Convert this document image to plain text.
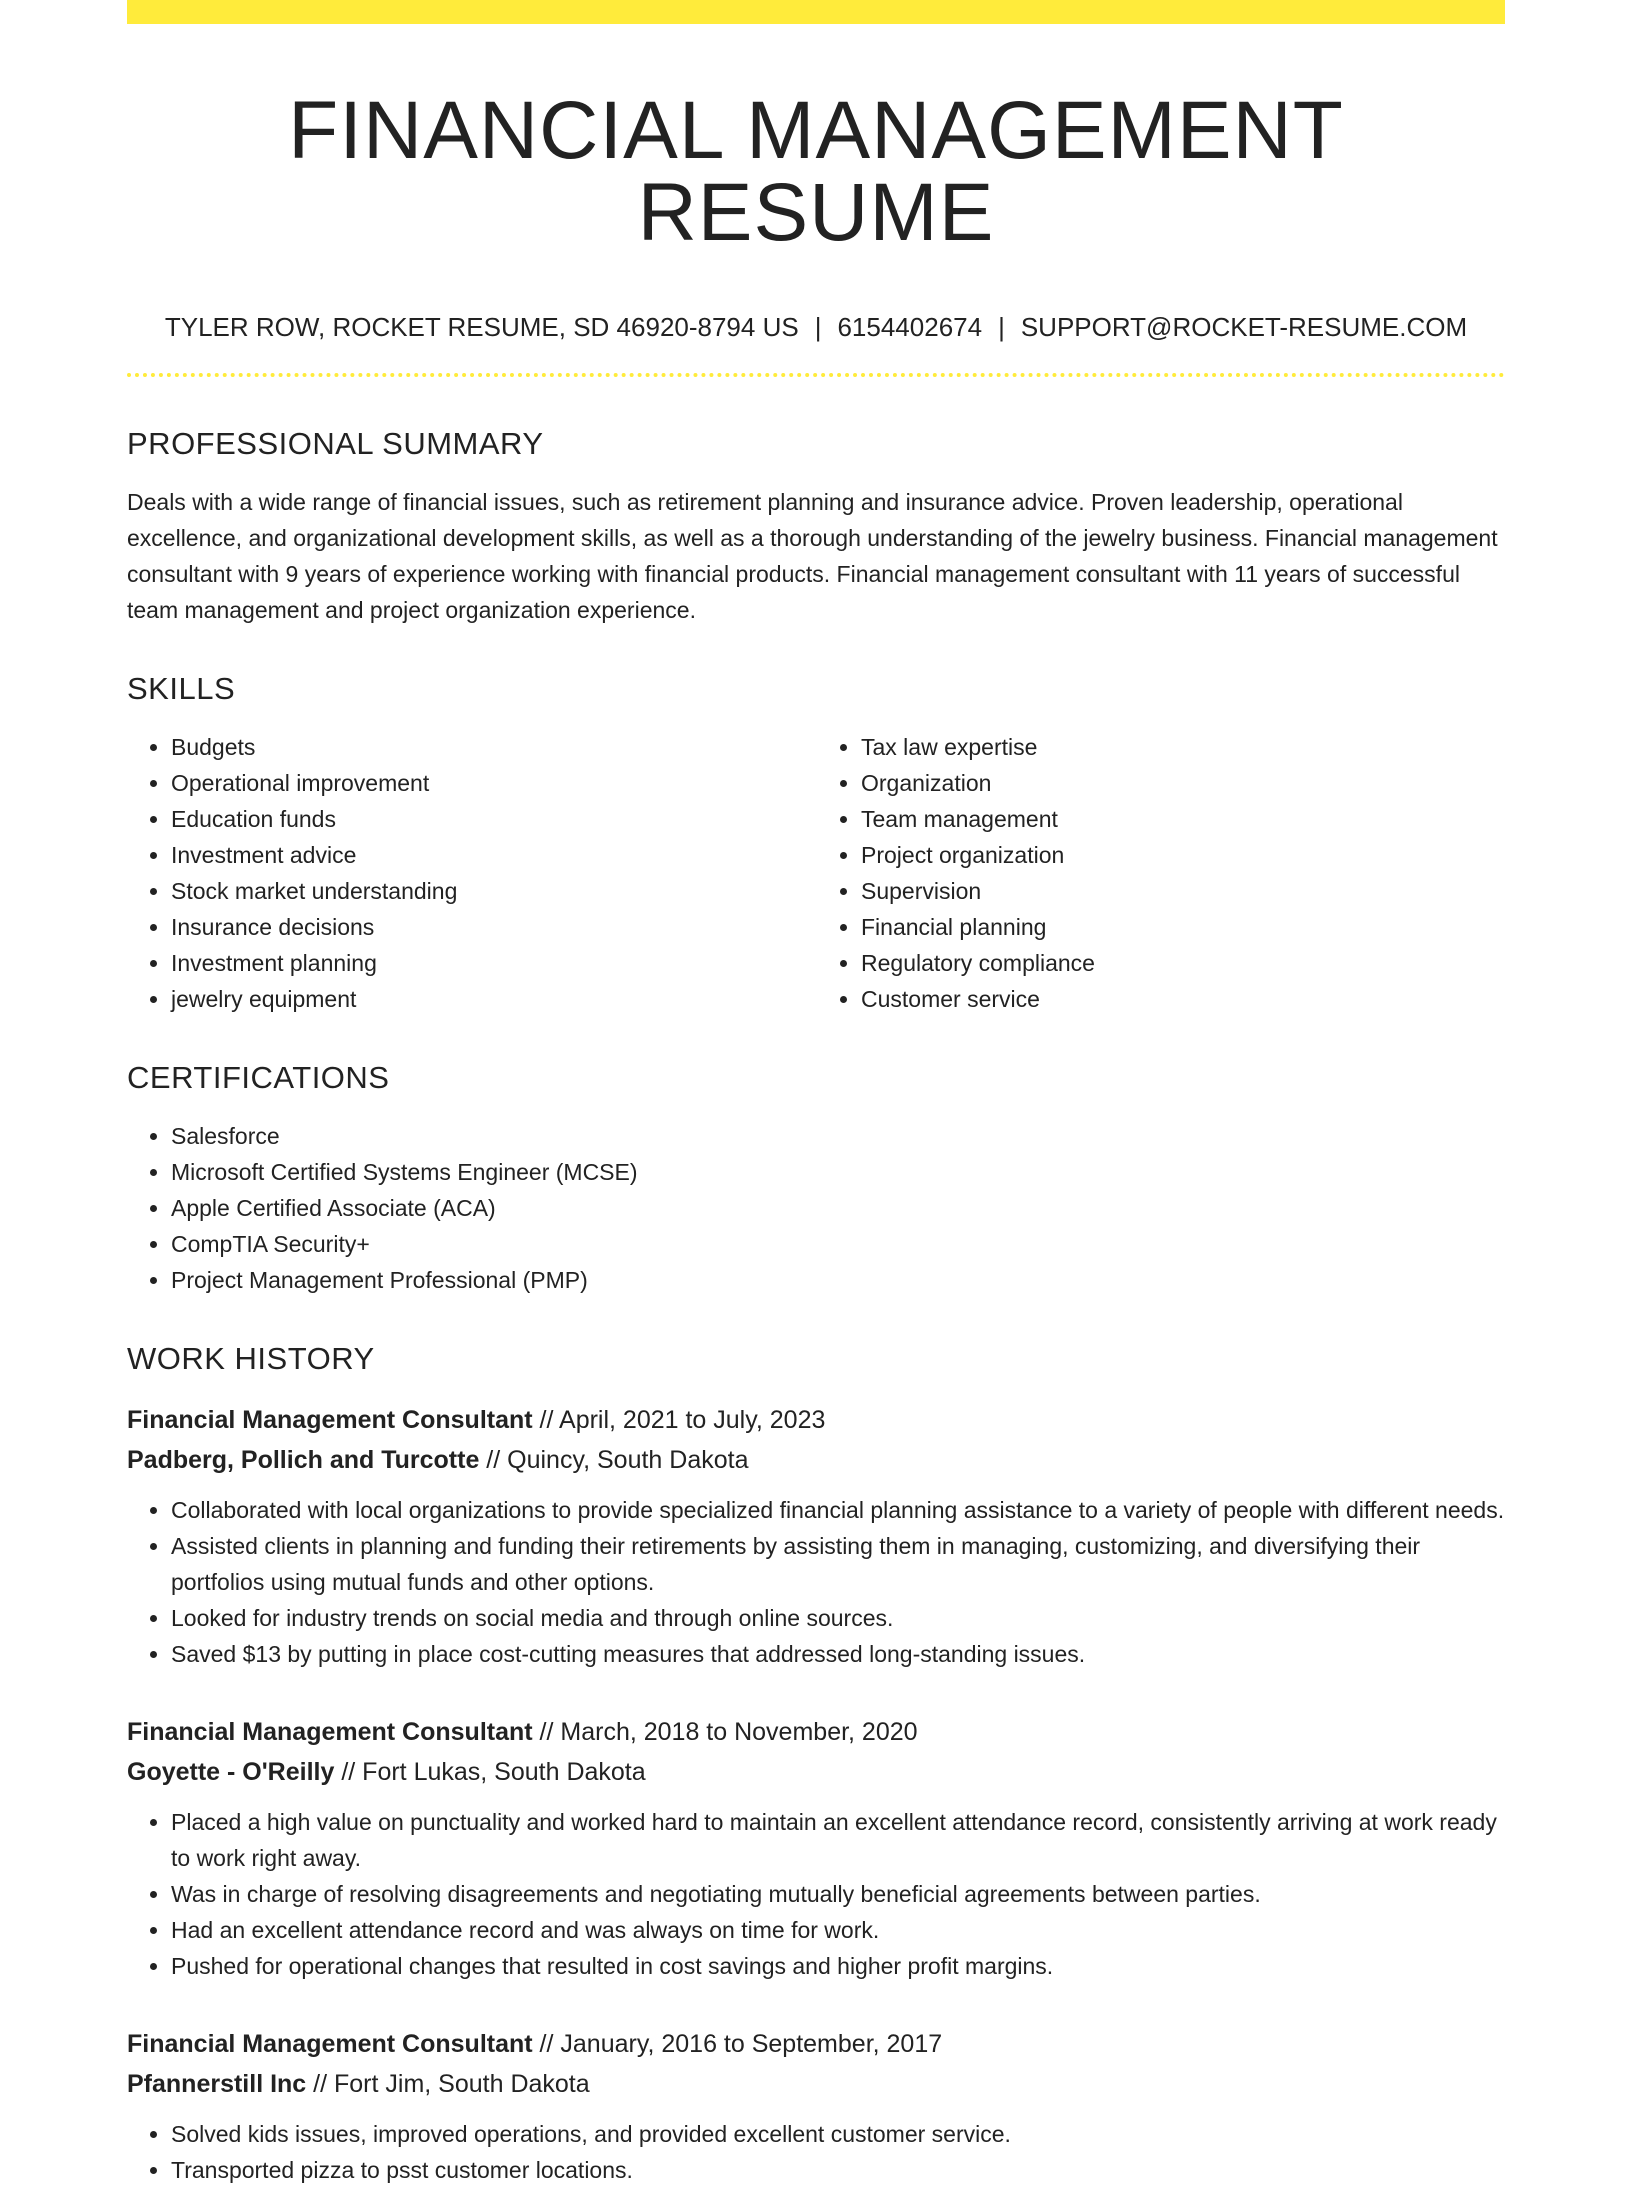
FINANCIAL MANAGEMENT RESUME
TYLER ROW, ROCKET RESUME, SD 46920-8794 US | 6154402674 | SUPPORT@ROCKET-RESUME.COM
PROFESSIONAL SUMMARY

Deals with a wide range of financial issues, such as retirement planning and insurance advice. Proven leadership, operational excellence, and organizational development skills, as well as a thorough understanding of the jewelry business. Financial management consultant with 9 years of experience working with financial products. Financial management consultant with 11 years of successful team management and project organization experience.

SKILLS
• Budgets
• Operational improvement
• Education funds
• Investment advice
• Stock market understanding
• Insurance decisions
• Investment planning
• jewelry equipment
• Tax law expertise
• Organization
• Team management
• Project organization
• Supervision
• Financial planning
• Regulatory compliance
• Customer service
CERTIFICATIONS
• Salesforce
• Microsoft Certified Systems Engineer (MCSE)
• Apple Certified Associate (ACA)
• CompTIA Security+
• Project Management Professional (PMP)
WORK HISTORY
Financial Management Consultant // April, 2021 to July, 2023
Padberg, Pollich and Turcotte // Quincy, South Dakota
• Collaborated with local organizations to provide specialized financial planning assistance to a variety of people with different needs.
• Assisted clients in planning and funding their retirements by assisting them in managing, customizing, and diversifying their portfolios using mutual funds and other options.
• Looked for industry trends on social media and through online sources.
• Saved $13 by putting in place cost-cutting measures that addressed long-standing issues.
Financial Management Consultant // March, 2018 to November, 2020
Goyette - O'Reilly // Fort Lukas, South Dakota
• Placed a high value on punctuality and worked hard to maintain an excellent attendance record, consistently arriving at work ready to work right away.
• Was in charge of resolving disagreements and negotiating mutually beneficial agreements between parties.
• Had an excellent attendance record and was always on time for work.
• Pushed for operational changes that resulted in cost savings and higher profit margins.
Financial Management Consultant // January, 2016 to September, 2017
Pfannerstill Inc // Fort Jim, South Dakota
• Solved kids issues, improved operations, and provided excellent customer service.
• Transported pizza to psst customer locations.
